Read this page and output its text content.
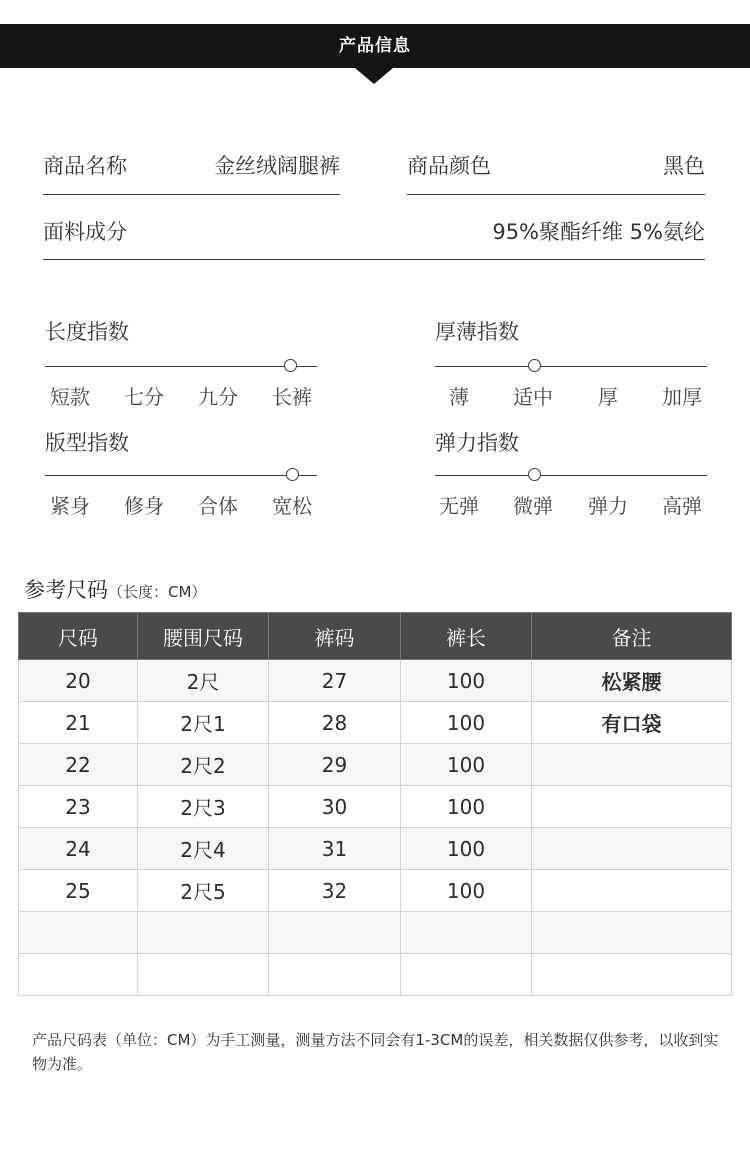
产品信息
商品名称	金丝绒阔腿裤	商品颜色	黑色
面料成分	95%聚酯纤维 5%氨纶
长度指数
短款	七分	九分	长裤
厚薄指数
薄	适中	厚	加厚
版型指数
紧身	修身	合体	宽松
弹力指数
无弹	微弹	弹力	高弹
参考尺码（长度：CM）
尺码	腰围尺码	裤码	裤长	备注
20	2尺	27	100	松紧腰
21	2尺1	28	100	有口袋
22	2尺2	29	100	
23	2尺3	30	100	
24	2尺4	31	100	
25	2尺5	32	100	

产品尺码表（单位：CM）为手工测量，测量方法不同会有1-3CM的误差，相关数据仅供参考，以收到实物为准。
